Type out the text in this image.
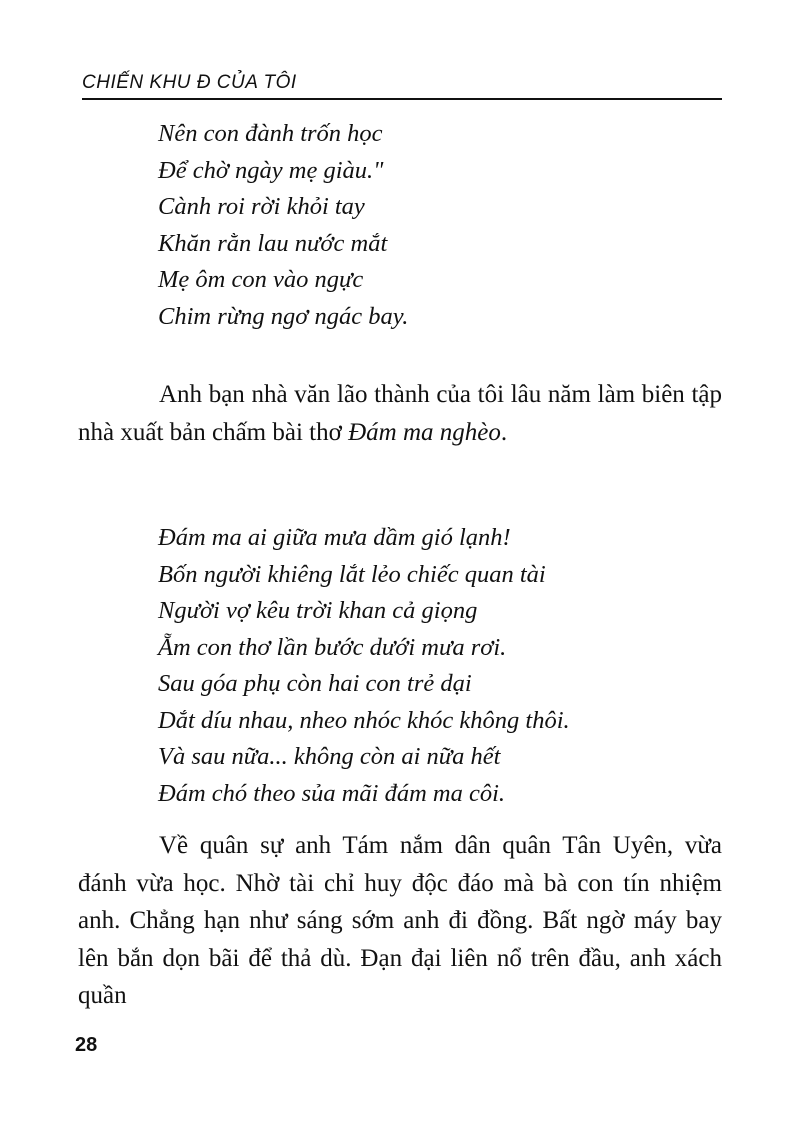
CHIẾN KHU Đ CỦA TÔI
Nên con đành trốn học
Để chờ ngày mẹ giàu."
Cành roi rời khỏi tay
Khăn rằn lau nước mắt
Mẹ ôm con vào ngực
Chim rừng ngơ ngác bay.

Anh bạn nhà văn lão thành của tôi lâu năm làm biên tập nhà xuất bản chấm bài thơ Đám ma nghèo.

Đám ma ai giữa mưa dầm gió lạnh!
Bốn người khiêng lắt lẻo chiếc quan tài
Người vợ kêu trời khan cả giọng
Ẵm con thơ lần bước dưới mưa rơi.
Sau góa phụ còn hai con trẻ dại
Dắt díu nhau, nheo nhóc khóc không thôi.
Và sau nữa... không còn ai nữa hết
Đám chó theo sủa mãi đám ma côi.

Về quân sự anh Tám nắm dân quân Tân Uyên, vừa đánh vừa học. Nhờ tài chỉ huy độc đáo mà bà con tín nhiệm anh. Chẳng hạn như sáng sớm anh đi đồng. Bất ngờ máy bay lên bắn dọn bãi để thả dù. Đạn đại liên nổ trên đầu, anh xách quần

28
